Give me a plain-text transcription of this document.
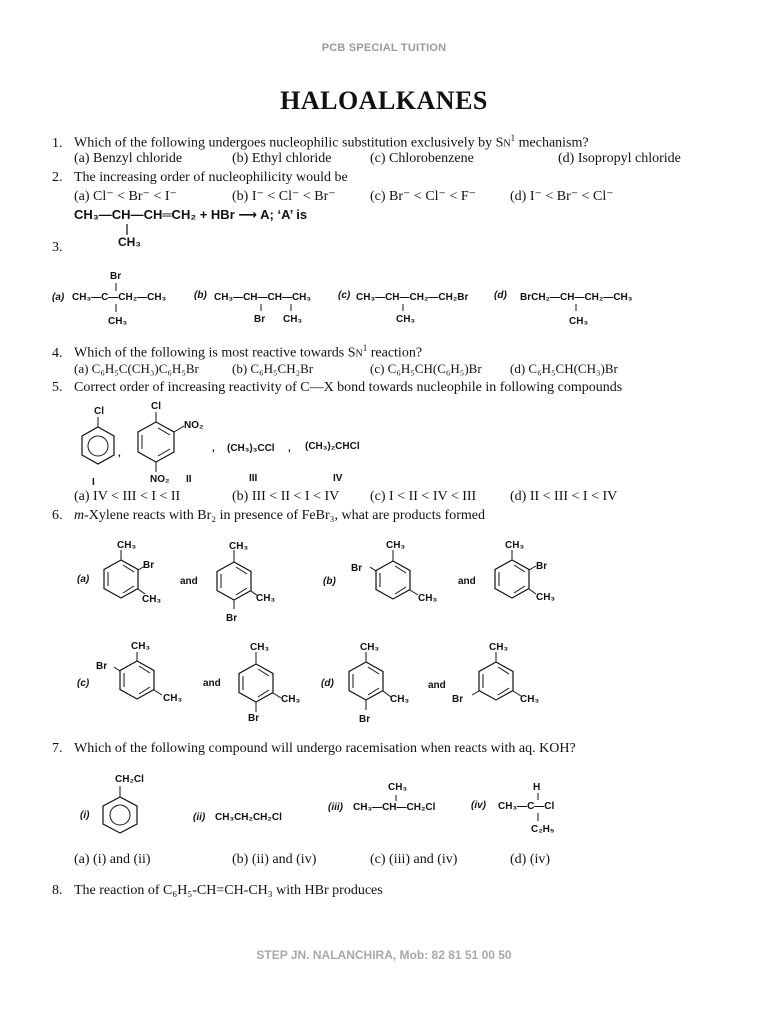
PCB SPECIAL TUITION
HALOALKANES
1. Which of the following undergoes nucleophilic substitution exclusively by $SN^1$ mechanism?
(a) Benzyl chloride	(b) Ethyl chloride	(c) Chlorobenzene	(d) Isopropyl chloride
2. The increasing order of nucleophilicity would be
(a) Cl⁻ < Br⁻ < I⁻	(b) I⁻ < Cl⁻ < Br⁻ (c) Br⁻ < Cl⁻ < F⁻ (d) I⁻ < Br⁻ < Cl⁻
CH₃—CH—CH═CH₂ + HBr ⟶ A; ‘A’ is
CH₃
3.
(a) CH₃—C—CH₂—CH₃
Br
CH₃
(b) CH₃—CH—CH—CH₃
Br CH₃
(c) CH₃—CH—CH₂—CH₂Br
CH₃
(d) BrCH₂—CH—CH₂—CH₃
CH₃
4. Which of the following is most reactive towards $SN^1$ reaction?
(a) C₆H₅C(CH₃)C₆H₅Br	(b) C₆H₅CH₂Br	(c) C₆H₅CH(C₆H₅)Br (d) C₆H₅CH(CH₃)Br
5. Correct order of increasing reactivity of C—X bond towards nucleophile in following compounds
Cl
,
Cl
NO₂
NO₂
, (CH₃)₃CCl , (CH₃)₂CHCl
I	II	III	IV
(a) IV < III < I < II	(b) III < II < I < IV (c) I < II < IV < III (d) II < III < I < IV
6. m-Xylene reacts with Br₂ in presence of FeBr₃, what are products formed
(a)
CH₃
Br
CH₃
and
CH₃
CH₃
Br
(b)
CH₃
Br
CH₃
and
CH₃
Br
CH₃
(c)
CH₃
Br
CH₃
and
CH₃
CH₃
Br
(d)
CH₃
CH₃
Br
and
CH₃
Br	CH₃
7. Which of the following compound will undergo racemisation when reacts with aq. KOH?
(i)
CH₂Cl
(ii) CH₃CH₂CH₂Cl
(iii) CH₃—CH—CH₂Cl
CH₃
(iv) CH₃—C—Cl
H
C₂H₅
(a) (i) and (ii)	(b) (ii) and (iv)	(c) (iii) and (iv)	(d) (iv)
8. The reaction of C₆H₅-CH=CH-CH₃ with HBr produces
STEP JN. NALANCHIRA, Mob: 82 81 51 00 50
